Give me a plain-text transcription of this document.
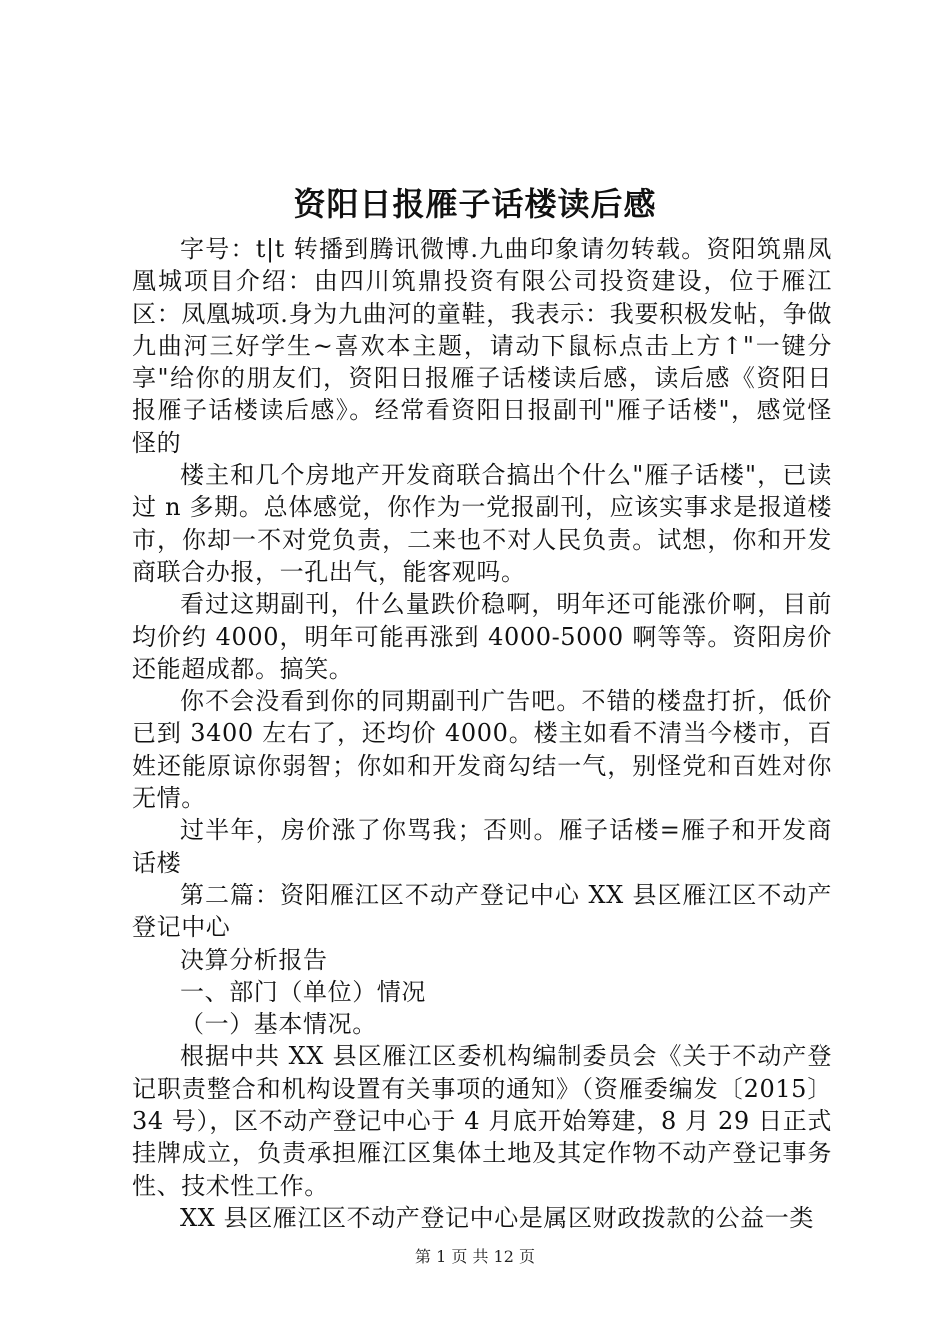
资阳日报雁子话楼读后感

字号：t|t 转播到腾讯微博.九曲印象请勿转载。资阳筑鼎凤凰城项目介绍：由四川筑鼎投资有限公司投资建设，位于雁江区：凤凰城项.身为九曲河的童鞋，我表示：我要积极发帖，争做九曲河三好学生~喜欢本主题，请动下鼠标点击上方↑"一键分享"给你的朋友们，资阳日报雁子话楼读后感，读后感《资阳日报雁子话楼读后感》。经常看资阳日报副刊"雁子话楼"，感觉怪怪的

楼主和几个房地产开发商联合搞出个什么"雁子话楼"，已读过 n 多期。总体感觉，你作为一党报副刊，应该实事求是报道楼市，你却一不对党负责，二来也不对人民负责。试想，你和开发商联合办报，一孔出气，能客观吗。

看过这期副刊，什么量跌价稳啊，明年还可能涨价啊，目前均价约 4000，明年可能再涨到 4000-5000 啊等等。资阳房价还能超成都。搞笑。

你不会没看到你的同期副刊广告吧。不错的楼盘打折，低价已到 3400 左右了，还均价 4000。楼主如看不清当今楼市，百姓还能原谅你弱智；你如和开发商勾结一气，别怪党和百姓对你无情。

过半年，房价涨了你骂我；否则。雁子话楼=雁子和开发商话楼

第二篇：资阳雁江区不动产登记中心 XX 县区雁江区不动产登记中心

决算分析报告

一、部门（单位）情况

（一）基本情况。

根据中共 XX 县区雁江区委机构编制委员会《关于不动产登记职责整合和机构设置有关事项的通知》（资雁委编发〔2015〕34 号），区不动产登记中心于 4 月底开始筹建，8 月 29 日正式挂牌成立，负责承担雁江区集体土地及其定作物不动产登记事务性、技术性工作。

XX 县区雁江区不动产登记中心是属区财政拨款的公益一类

第 1 页 共 12 页
